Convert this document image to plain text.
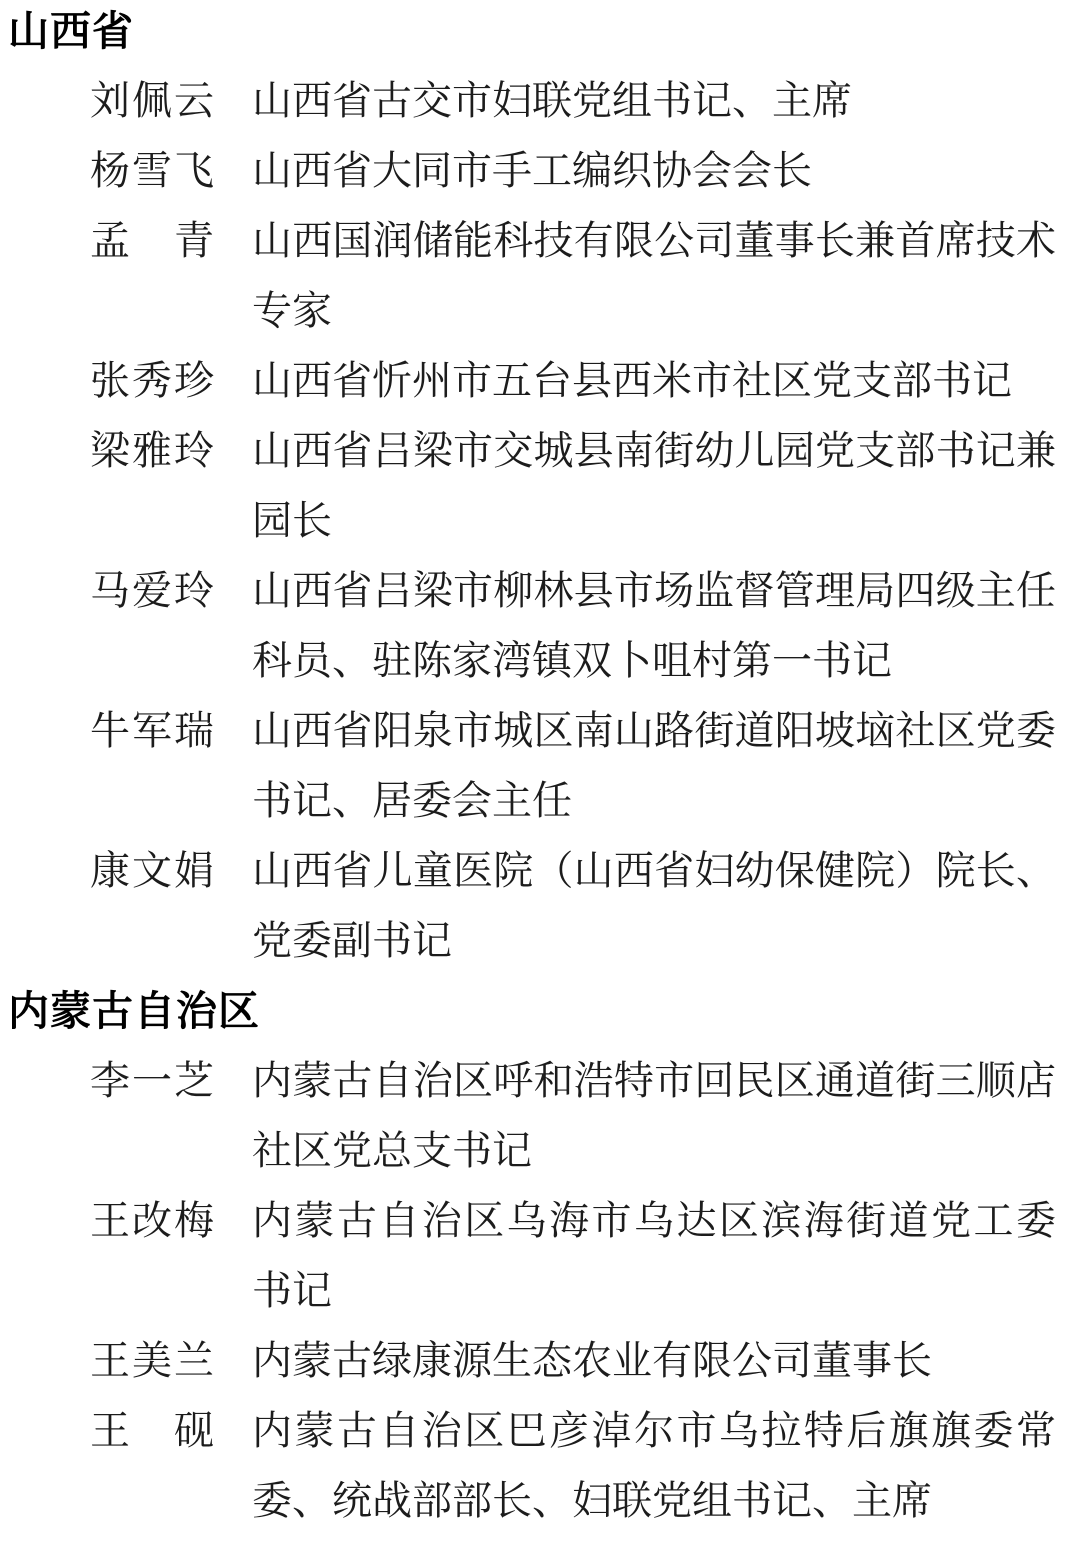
山西省
刘佩云 山西省古交市妇联党组书记、主席
杨雪飞 山西省大同市手工编织协会会长
孟　青 山西国润储能科技有限公司董事长兼首席技术
专家
张秀珍 山西省忻州市五台县西米市社区党支部书记
梁雅玲 山西省吕梁市交城县南街幼儿园党支部书记兼
园长
马爱玲 山西省吕梁市柳林县市场监督管理局四级主任
科员、驻陈家湾镇双卜咀村第一书记
牛军瑞 山西省阳泉市城区南山路街道阳坡垴社区党委
书记、居委会主任
康文娟 山西省儿童医院（山西省妇幼保健院）院长、
党委副书记
内蒙古自治区
李一芝 内蒙古自治区呼和浩特市回民区通道街三顺店
社区党总支书记
王改梅 内蒙古自治区乌海市乌达区滨海街道党工委
书记
王美兰 内蒙古绿康源生态农业有限公司董事长
王　砚 内蒙古自治区巴彦淖尔市乌拉特后旗旗委常
委、统战部部长、妇联党组书记、主席
